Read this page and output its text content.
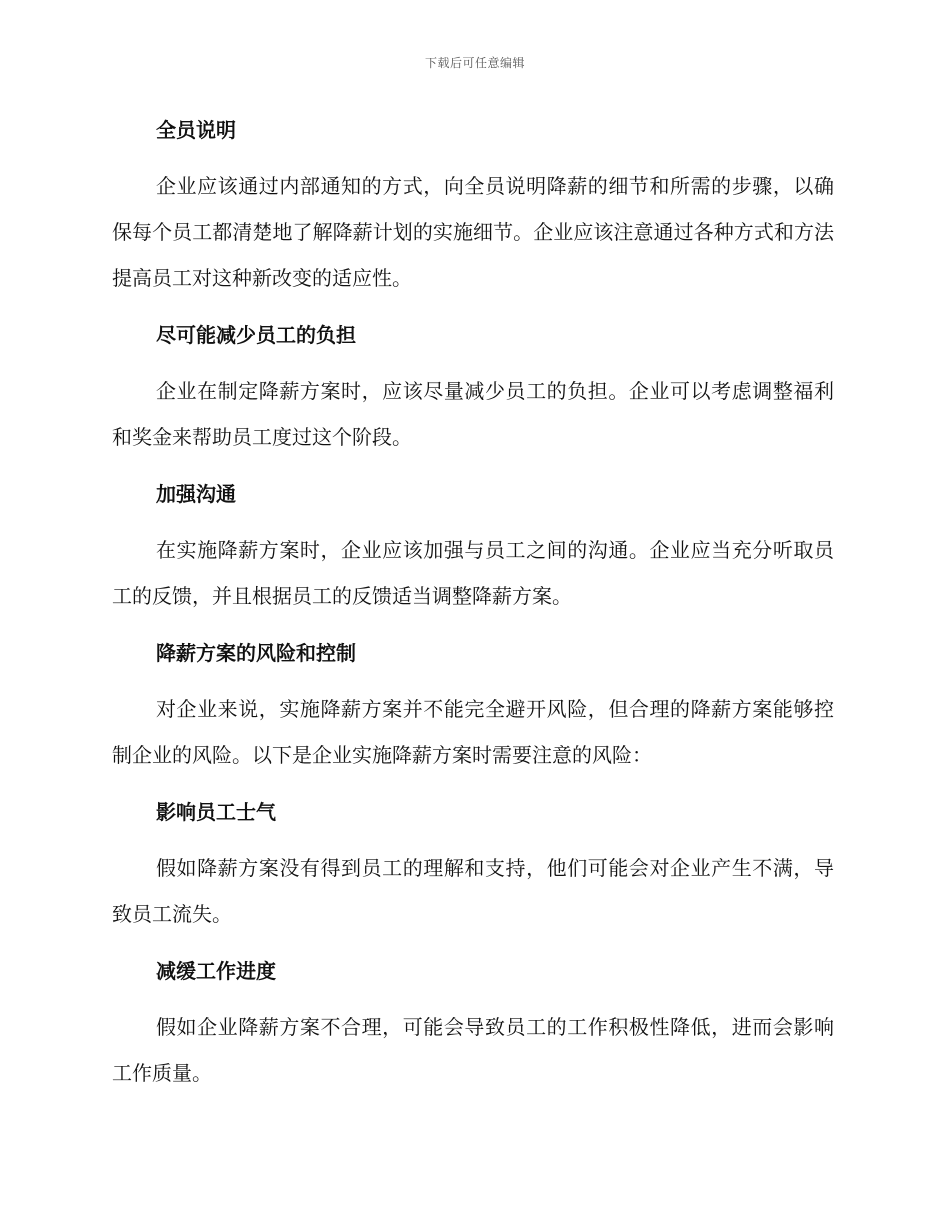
下载后可任意编辑
全员说明

企业应该通过内部通知的方式，向全员说明降薪的细节和所需的步骤，以确保每个员工都清楚地了解降薪计划的实施细节。企业应该注意通过各种方式和方法提高员工对这种新改变的适应性。

尽可能减少员工的负担

企业在制定降薪方案时，应该尽量减少员工的负担。企业可以考虑调整福利和奖金来帮助员工度过这个阶段。

加强沟通

在实施降薪方案时，企业应该加强与员工之间的沟通。企业应当充分听取员工的反馈，并且根据员工的反馈适当调整降薪方案。

降薪方案的风险和控制

对企业来说，实施降薪方案并不能完全避开风险，但合理的降薪方案能够控制企业的风险。以下是企业实施降薪方案时需要注意的风险：

影响员工士气

假如降薪方案没有得到员工的理解和支持，他们可能会对企业产生不满，导致员工流失。

减缓工作进度

假如企业降薪方案不合理，可能会导致员工的工作积极性降低，进而会影响工作质量。
